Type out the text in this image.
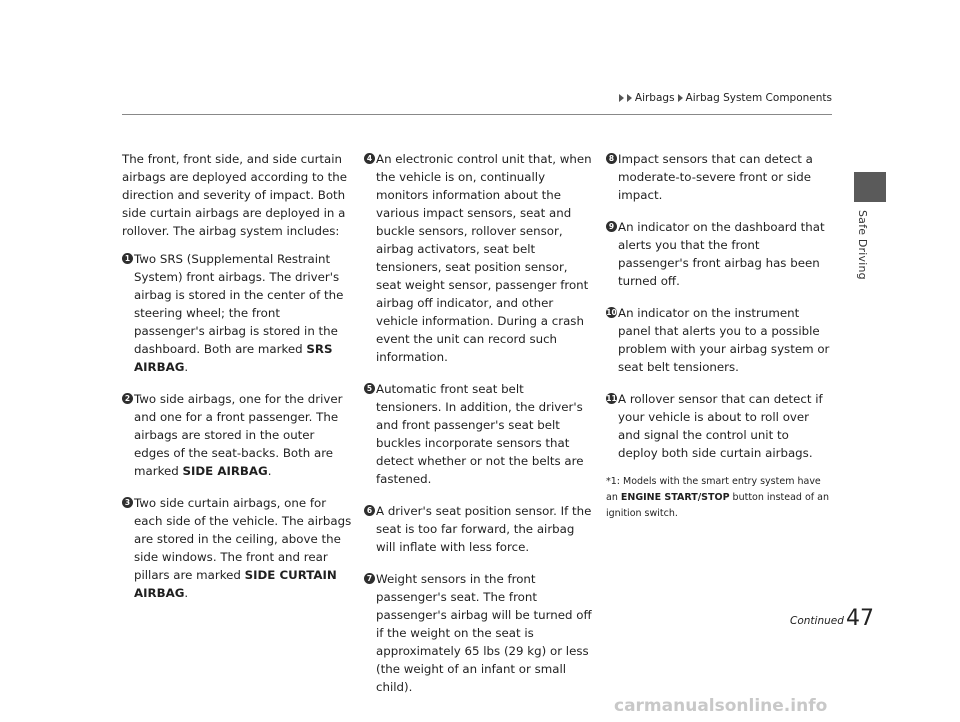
Airbags Airbag System Components
Safe Driving

The front, front side, and side curtain airbags are deployed according to the direction and severity of impact. Both side curtain airbags are deployed in a rollover. The airbag system includes:

1 Two SRS (Supplemental Restraint System) front airbags. The driver's airbag is stored in the center of the steering wheel; the front passenger's airbag is stored in the dashboard. Both are marked SRS AIRBAG.
2 Two side airbags, one for the driver and one for a front passenger. The airbags are stored in the outer edges of the seat-backs. Both are marked SIDE AIRBAG.
3 Two side curtain airbags, one for each side of the vehicle. The airbags are stored in the ceiling, above the side windows. The front and rear pillars are marked SIDE CURTAIN AIRBAG.
4 An electronic control unit that, when the vehicle is on, continually monitors information about the various impact sensors, seat and buckle sensors, rollover sensor, airbag activators, seat belt tensioners, seat position sensor, seat weight sensor, passenger front airbag off indicator, and other vehicle information. During a crash event the unit can record such information.
5 Automatic front seat belt tensioners. In addition, the driver's and front passenger's seat belt buckles incorporate sensors that detect whether or not the belts are fastened.
6 A driver's seat position sensor. If the seat is too far forward, the airbag will inflate with less force.
7 Weight sensors in the front passenger's seat. The front passenger's airbag will be turned off if the weight on the seat is approximately 65 lbs (29 kg) or less (the weight of an infant or small child).
8 Impact sensors that can detect a moderate-to-severe front or side impact.
9 An indicator on the dashboard that alerts you that the front passenger's front airbag has been turned off.
10 An indicator on the instrument panel that alerts you to a possible problem with your airbag system or seat belt tensioners.
11 A rollover sensor that can detect if your vehicle is about to roll over and signal the control unit to deploy both side curtain airbags.
*1: Models with the smart entry system have an ENGINE START/STOP button instead of an ignition switch.
Continued 47
carmanualsonline.info
